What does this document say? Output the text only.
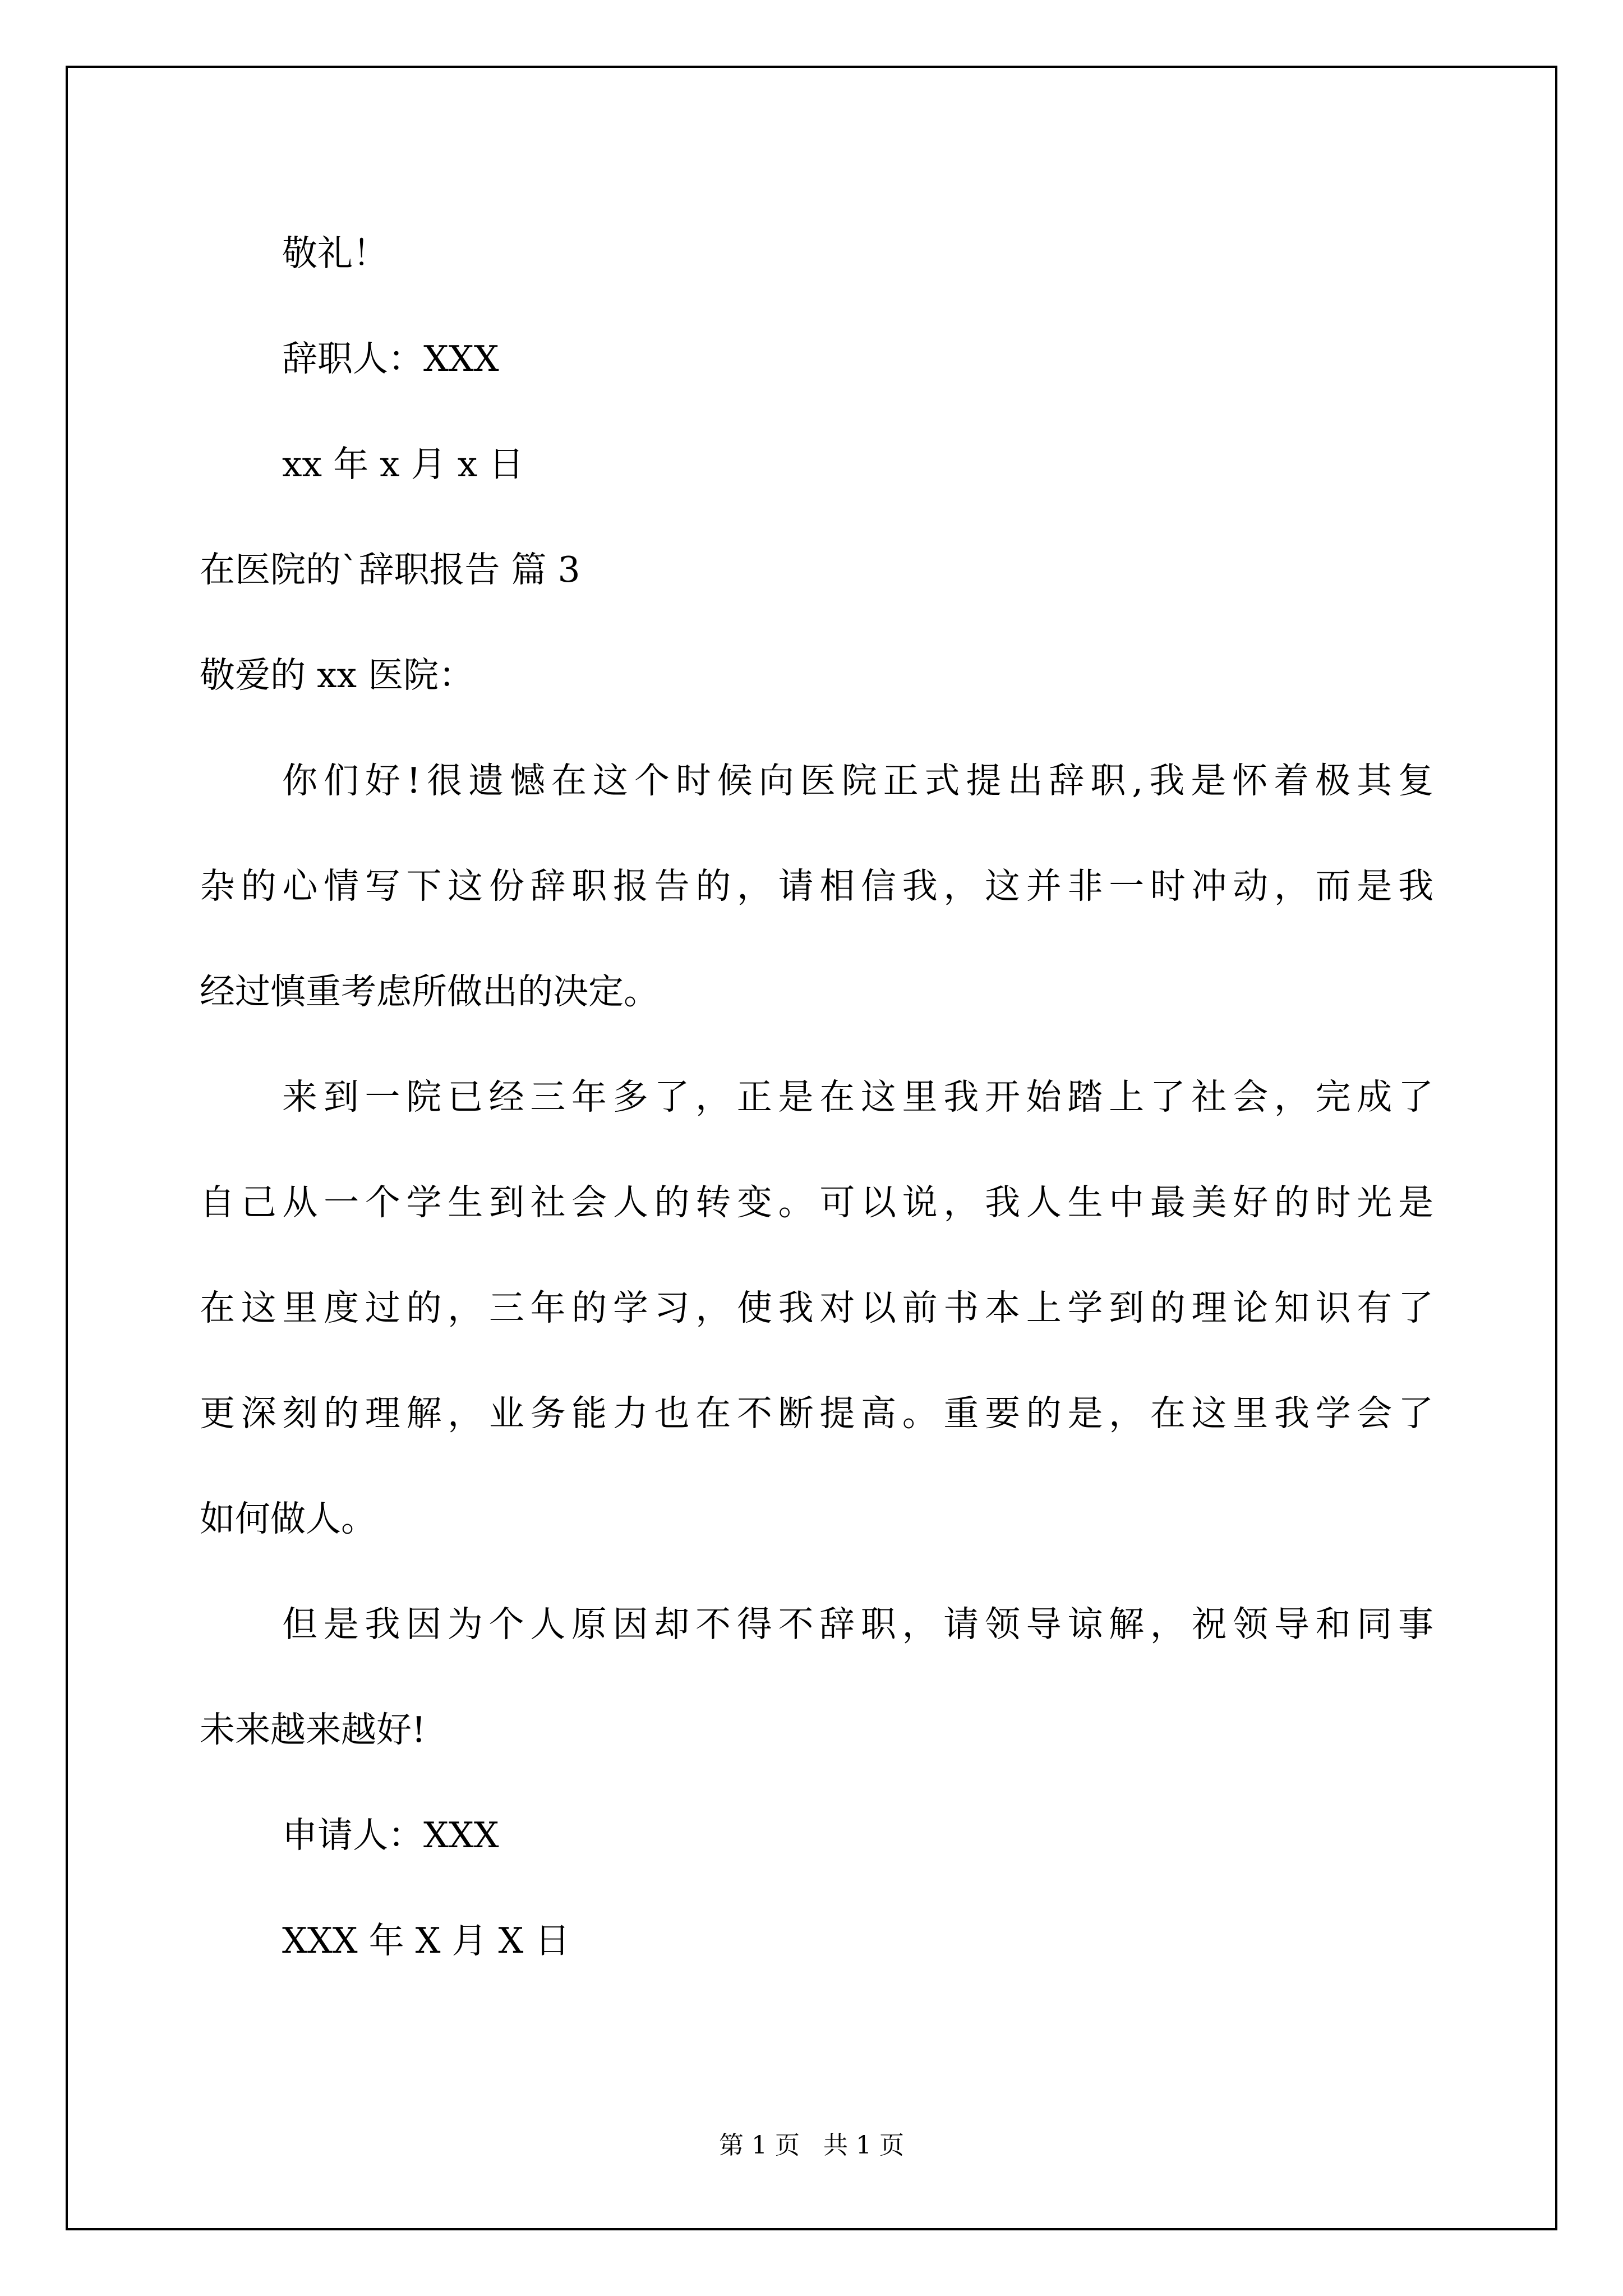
敬礼！

辞职人：XXX

xx 年 x 月 x 日

在医院的`辞职报告 篇 3

敬爱的 xx 医院：

你们好!很遗憾在这个时候向医院正式提出辞职,我是怀着极其复

杂的心情写下这份辞职报告的，请相信我，这并非一时冲动，而是我

经过慎重考虑所做出的决定。

来到一院已经三年多了，正是在这里我开始踏上了社会，完成了

自己从一个学生到社会人的转变。可以说，我人生中最美好的时光是

在这里度过的，三年的学习，使我对以前书本上学到的理论知识有了

更深刻的理解，业务能力也在不断提高。重要的是，在这里我学会了

如何做人。

但是我因为个人原因却不得不辞职，请领导谅解，祝领导和同事

未来越来越好!

申请人：XXX

XXX 年 X 月 X 日

第 1 页   共 1 页
